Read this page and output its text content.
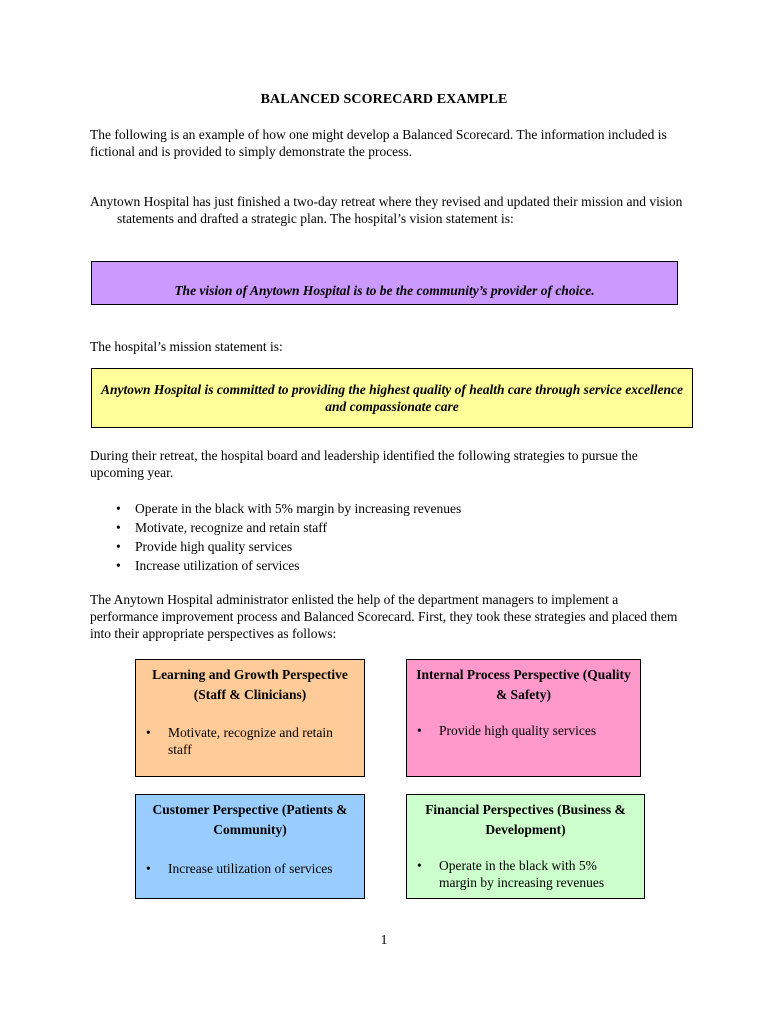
BALANCED SCORECARD EXAMPLE

The following is an example of how one might develop a Balanced Scorecard. The information included is fictional and is provided to simply demonstrate the process.

Anytown Hospital has just finished a two-day retreat where they revised and updated their mission and vision statements and drafted a strategic plan. The hospital’s vision statement is:

The vision of Anytown Hospital is to be the community’s provider of choice.

The hospital’s mission statement is:

Anytown Hospital is committed to providing the highest quality of health care through service excellence and compassionate care

During their retreat, the hospital board and leadership identified the following strategies to pursue the upcoming year.

• Operate in the black with 5% margin by increasing revenues
• Motivate, recognize and retain staff
• Provide high quality services
• Increase utilization of services

The Anytown Hospital administrator enlisted the help of the department managers to implement a performance improvement process and Balanced Scorecard. First, they took these strategies and placed them into their appropriate perspectives as follows:

Learning and Growth Perspective (Staff & Clinicians)

• Motivate, recognize and retain staff

Internal Process Perspective (Quality & Safety)

• Provide high quality services

Customer Perspective (Patients & Community)

• Increase utilization of services

Financial Perspectives (Business & Development)

• Operate in the black with 5% margin by increasing revenues

1
